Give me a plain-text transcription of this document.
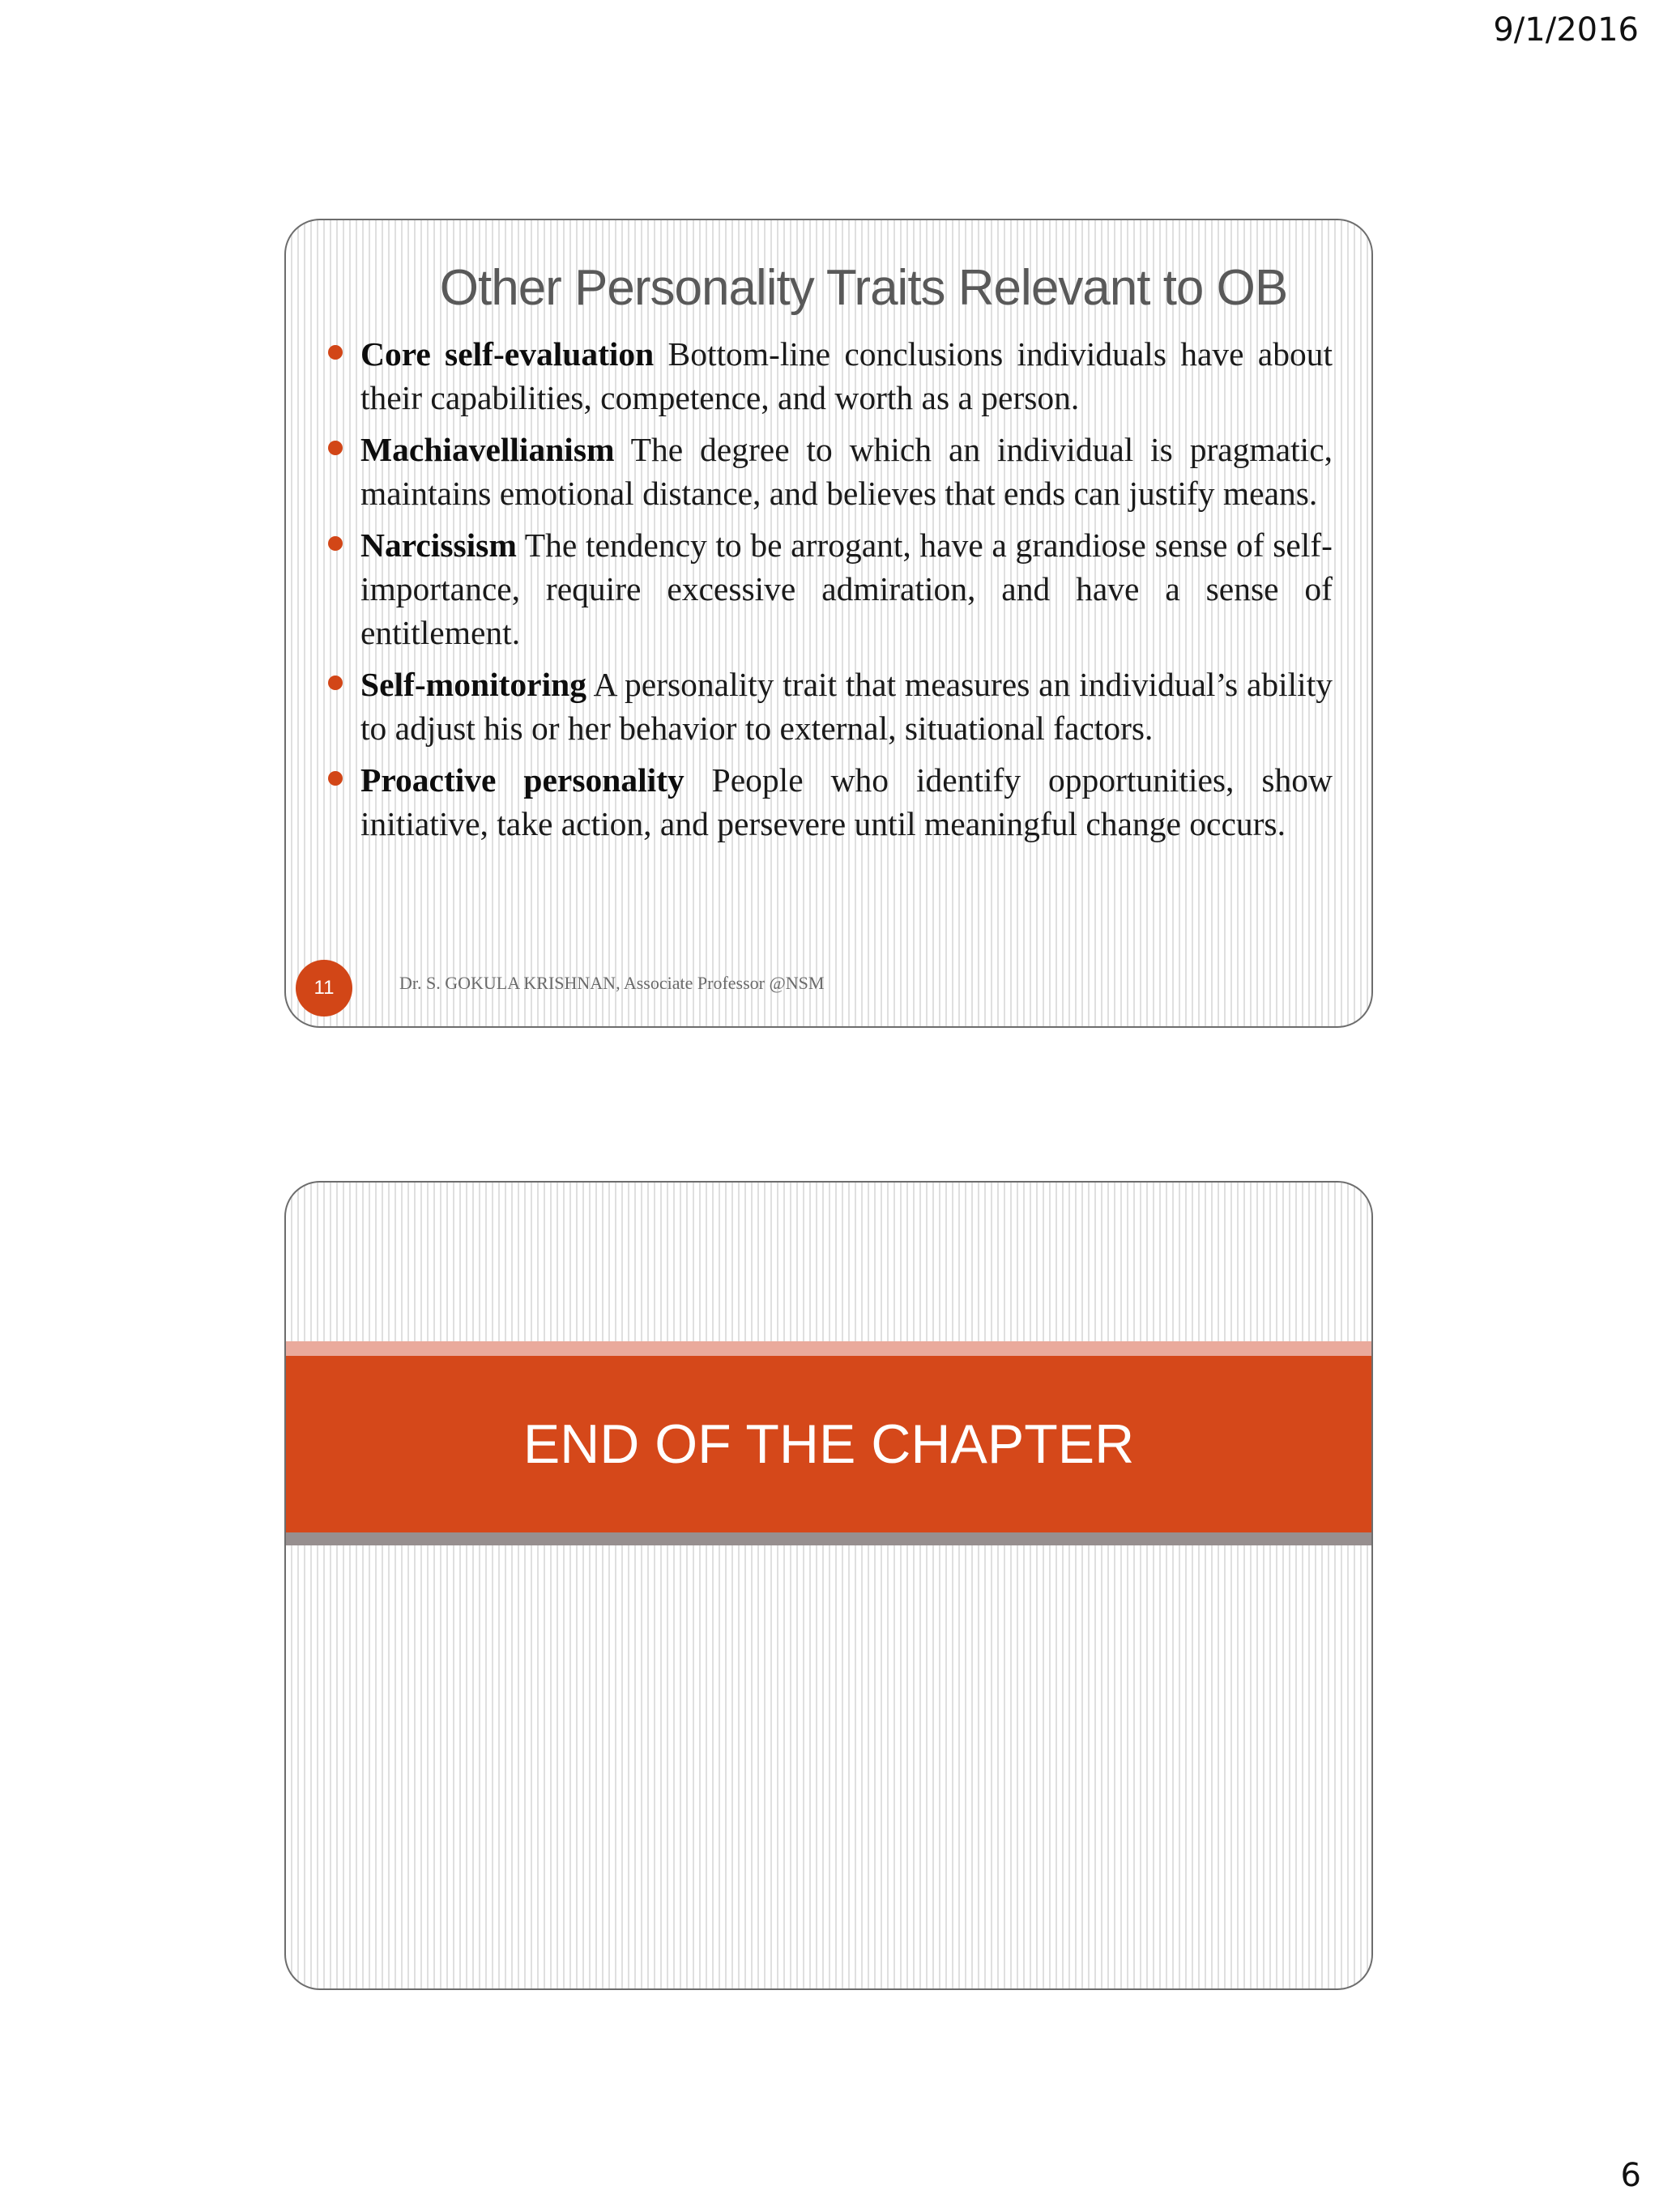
9/1/2016
Other Personality Traits Relevant to OB
Core self-evaluation Bottom-line conclusions individuals have about their capabilities, competence, and worth as a person.
Machiavellianism The degree to which an individual is pragmatic, maintains emotional distance, and believes that ends can justify means.
Narcissism The tendency to be arrogant, have a grandiose sense of self-importance, require excessive admiration, and have a sense of entitlement.
Self-monitoring A personality trait that measures an individual’s ability to adjust his or her behavior to external, situational factors.
Proactive personality People who identify opportunities, show initiative, take action, and persevere until meaningful change occurs.
11	Dr. S. GOKULA KRISHNAN, Associate Professor @NSM
END OF THE CHAPTER
6
